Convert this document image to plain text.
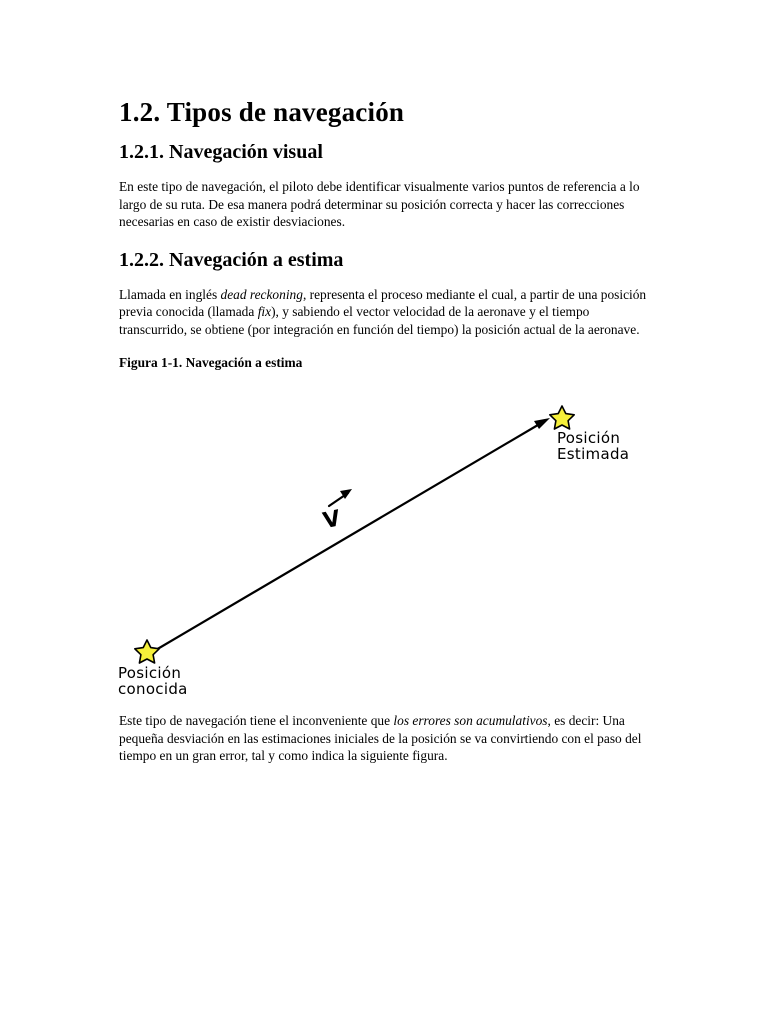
1.2. Tipos de navegación
1.2.1. Navegación visual

En este tipo de navegación, el piloto debe identificar visualmente varios puntos de referencia a lo largo de su ruta. De esa manera podrá determinar su posición correcta y hacer las correcciones necesarias en caso de existir desviaciones.

1.2.2. Navegación a estima

Llamada en inglés dead reckoning, representa el proceso mediante el cual, a partir de una posición previa conocida (llamada fix), y sabiendo el vector velocidad de la aeronave y el tiempo transcurrido, se obtiene (por integración en función del tiempo) la posición actual de la aeronave.

Figura 1-1. Navegación a estima

V
Posición
Estimada
Posición
conocida

Este tipo de navegación tiene el inconveniente que los errores son acumulativos, es decir: Una pequeña desviación en las estimaciones iniciales de la posición se va convirtiendo con el paso del tiempo en un gran error, tal y como indica la siguiente figura.
